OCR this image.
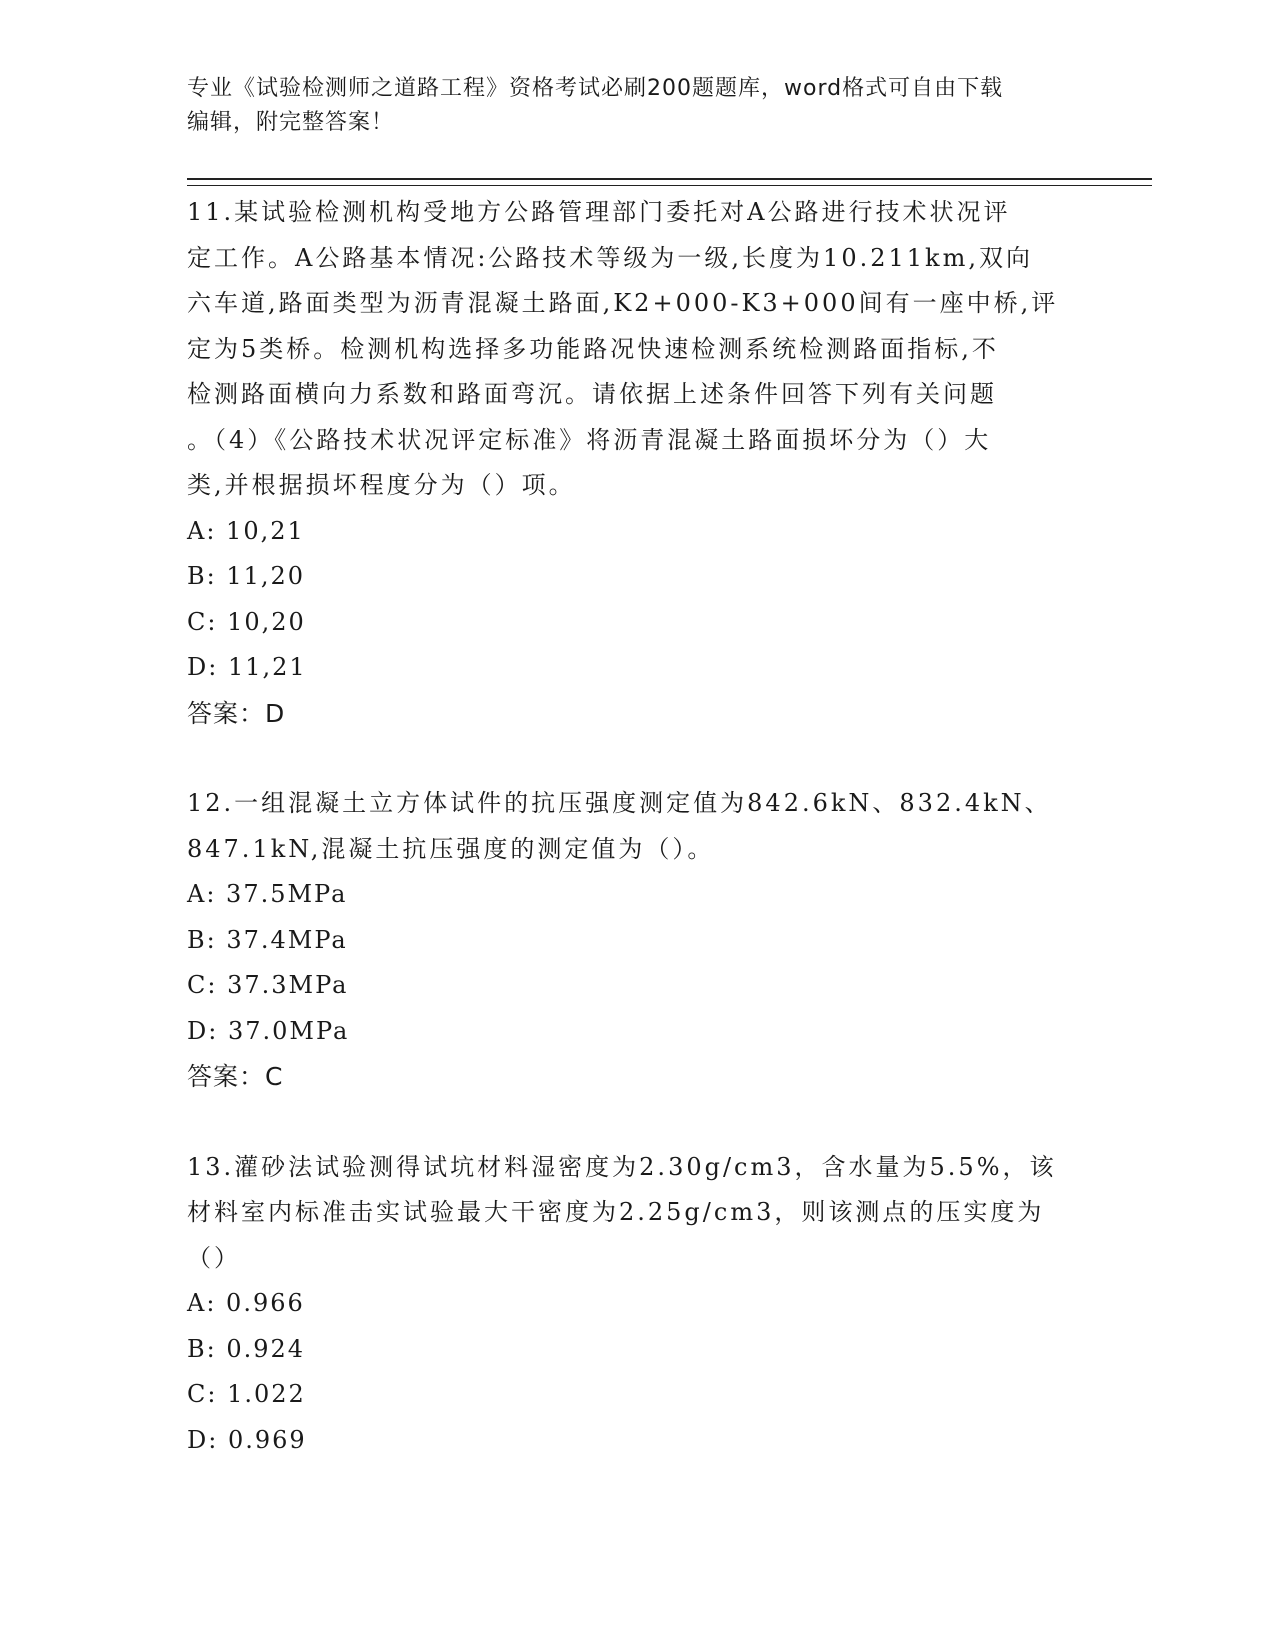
专业《试验检测师之道路工程》资格考试必刷200题题库，word格式可自由下载
编辑，附完整答案！

11.某试验检测机构受地方公路管理部门委托对A公路进行技术状况评

定工作。A公路基本情况:公路技术等级为一级,长度为10.211km,双向

六车道,路面类型为沥青混凝土路面,K2+000-K3+000间有一座中桥,评

定为5类桥。检测机构选择多功能路况快速检测系统检测路面指标,不

检测路面横向力系数和路面弯沉。请依据上述条件回答下列有关问题

。（4）《公路技术状况评定标准》将沥青混凝土路面损坏分为（）大

类,并根据损坏程度分为（）项。

A: 10,21

B: 11,20

C: 10,20

D: 11,21

答案：D

12.一组混凝土立方体试件的抗压强度测定值为842.6kN、832.4kN、

847.1kN,混凝土抗压强度的测定值为（）。

A: 37.5MPa

B: 37.4MPa

C: 37.3MPa

D: 37.0MPa

答案：C

13.灌砂法试验测得试坑材料湿密度为2.30g/cm3，含水量为5.5%，该

材料室内标准击实试验最大干密度为2.25g/cm3，则该测点的压实度为

（）

A: 0.966

B: 0.924

C: 1.022

D: 0.969
